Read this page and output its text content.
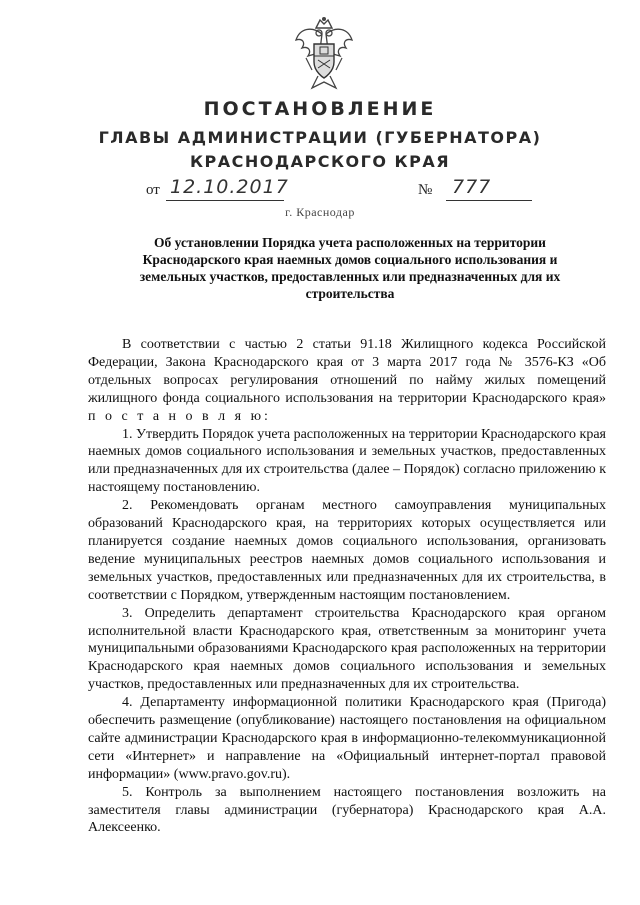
ПОСТАНОВЛЕНИЕ
ГЛАВЫ АДМИНИСТРАЦИИ (ГУБЕРНАТОРА)
КРАСНОДАРСКОГО КРАЯ
от 12.10.2017	№ 777
г. Краснодар
Об установлении Порядка учета расположенных на территории Краснодарского края наемных домов социального использования и земельных участков, предоставленных или предназначенных для их строительства

В соответствии с частью 2 статьи 91.18 Жилищного кодекса Российской Федерации, Закона Краснодарского края от 3 марта 2017 года № 3576-КЗ «Об отдельных вопросах регулирования отношений по найму жилых помещений жилищного фонда социального использования на территории Краснодарского края» п о с т а н о в л я ю:

1. Утвердить Порядок учета расположенных на территории Краснодарского края наемных домов социального использования и земельных участков, предоставленных или предназначенных для их строительства (далее – Порядок) согласно приложению к настоящему постановлению.

2. Рекомендовать органам местного самоуправления муниципальных образований Краснодарского края, на территориях которых осуществляется или планируется создание наемных домов социального использования, организовать ведение муниципальных реестров наемных домов социального использования и земельных участков, предоставленных или предназначенных для их строительства, в соответствии с Порядком, утвержденным настоящим постановлением.

3. Определить департамент строительства Краснодарского края органом исполнительной власти Краснодарского края, ответственным за мониторинг учета муниципальными образованиями Краснодарского края расположенных на территории Краснодарского края наемных домов социального использования и земельных участков, предоставленных или предназначенных для их строительства.

4. Департаменту информационной политики Краснодарского края (Пригода) обеспечить размещение (опубликование) настоящего постановления на официальном сайте администрации Краснодарского края в информационно-телекоммуникационной сети «Интернет» и направление на «Официальный интернет-портал правовой информации» (www.pravo.gov.ru).

5. Контроль за выполнением настоящего постановления возложить на заместителя главы администрации (губернатора) Краснодарского края А.А. Алексеенко.
